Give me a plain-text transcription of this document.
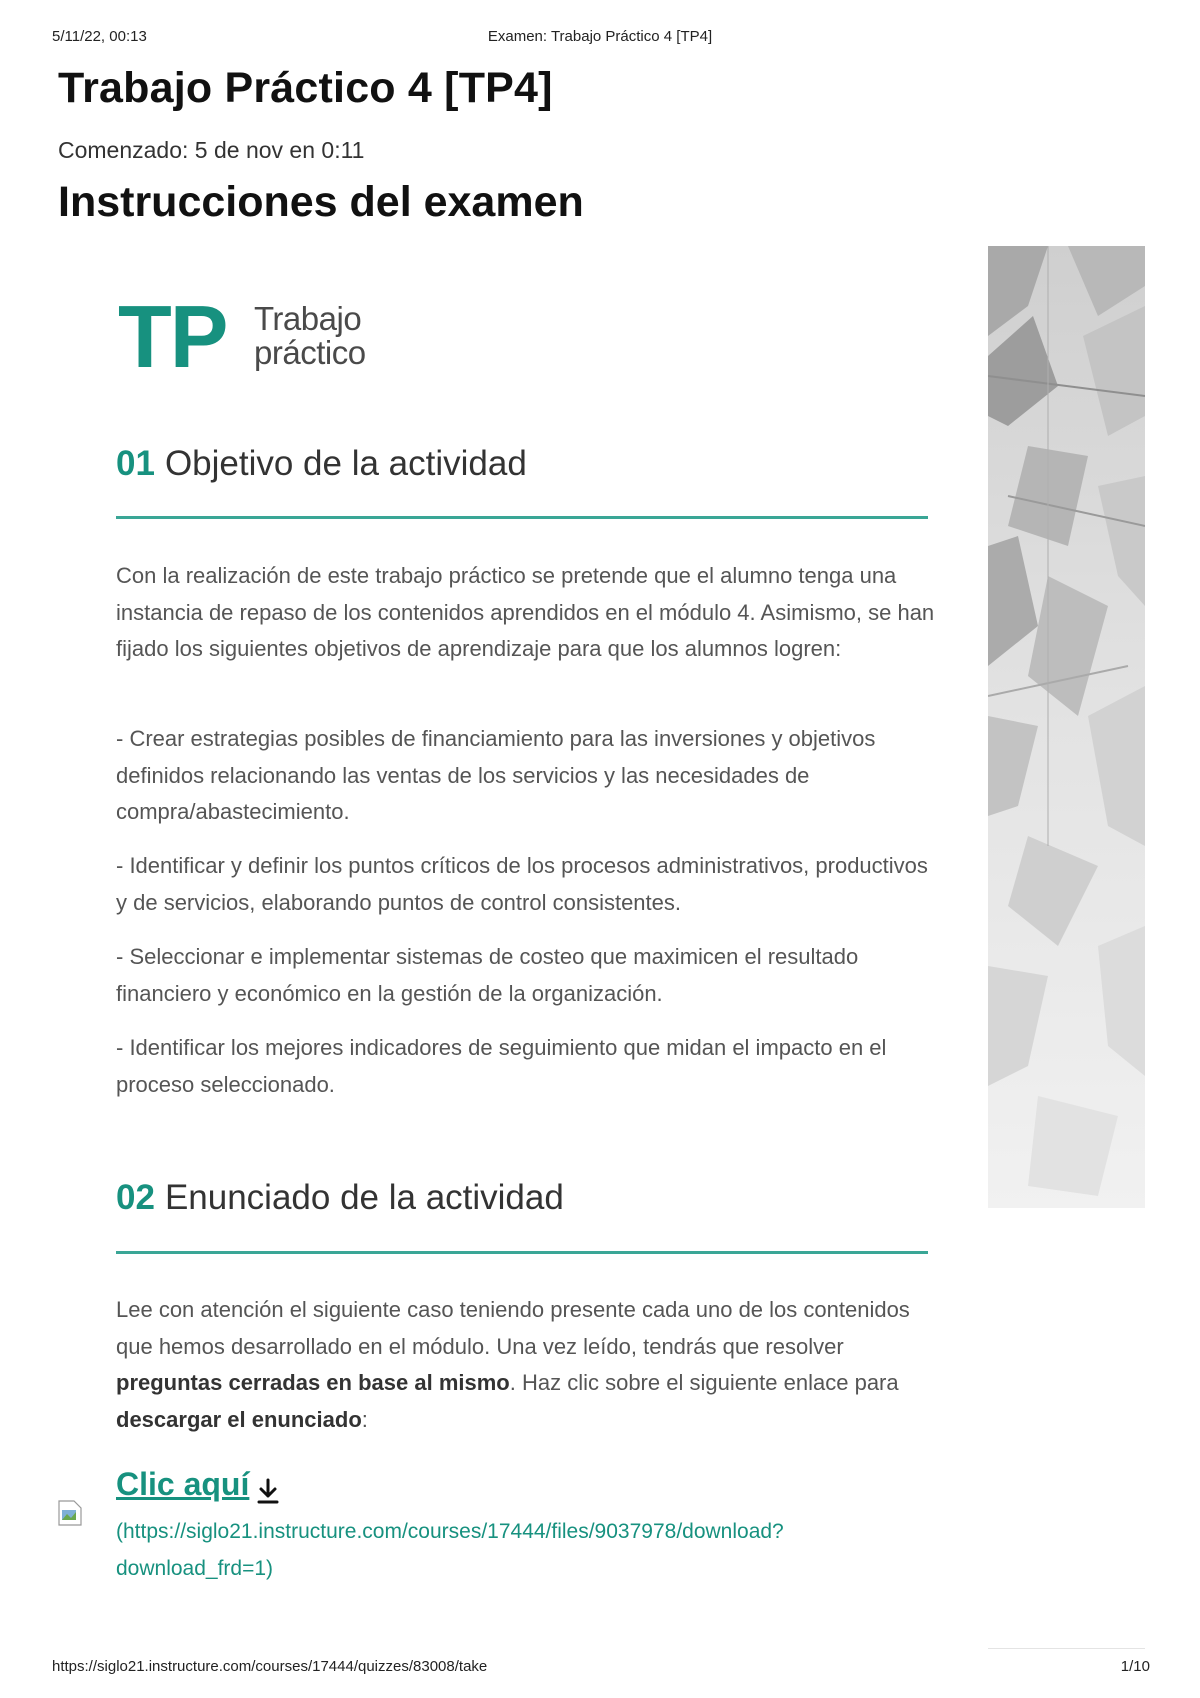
5/11/22, 00:13	Examen: Trabajo Práctico 4 [TP4]
Trabajo Práctico 4 [TP4]
Comenzado: 5 de nov en 0:11
Instrucciones del examen
TP Trabajo
práctico
01 Objetivo de la actividad

Con la realización de este trabajo práctico se pretende que el alumno tenga una instancia de repaso de los contenidos aprendidos en el módulo 4. Asimismo, se han fijado los siguientes objetivos de aprendizaje para que los alumnos logren:

- Crear estrategias posibles de financiamiento para las inversiones y objetivos definidos relacionando las ventas de los servicios y las necesidades de compra/abastecimiento.

- Identificar y definir los puntos críticos de los procesos administrativos, productivos y de servicios, elaborando puntos de control consistentes.

- Seleccionar e implementar sistemas de costeo que maximicen el resultado financiero y económico en la gestión de la organización.

- Identificar los mejores indicadores de seguimiento que midan el impacto en el proceso seleccionado.

02 Enunciado de la actividad

Lee con atención el siguiente caso teniendo presente cada uno de los contenidos que hemos desarrollado en el módulo. Una vez leído, tendrás que resolver preguntas cerradas en base al mismo. Haz clic sobre el siguiente enlace para descargar el enunciado:

Clic aquí
(https://siglo21.instructure.com/courses/17444/files/9037978/download?download_frd=1)
https://siglo21.instructure.com/courses/17444/quizzes/83008/take	1/10
